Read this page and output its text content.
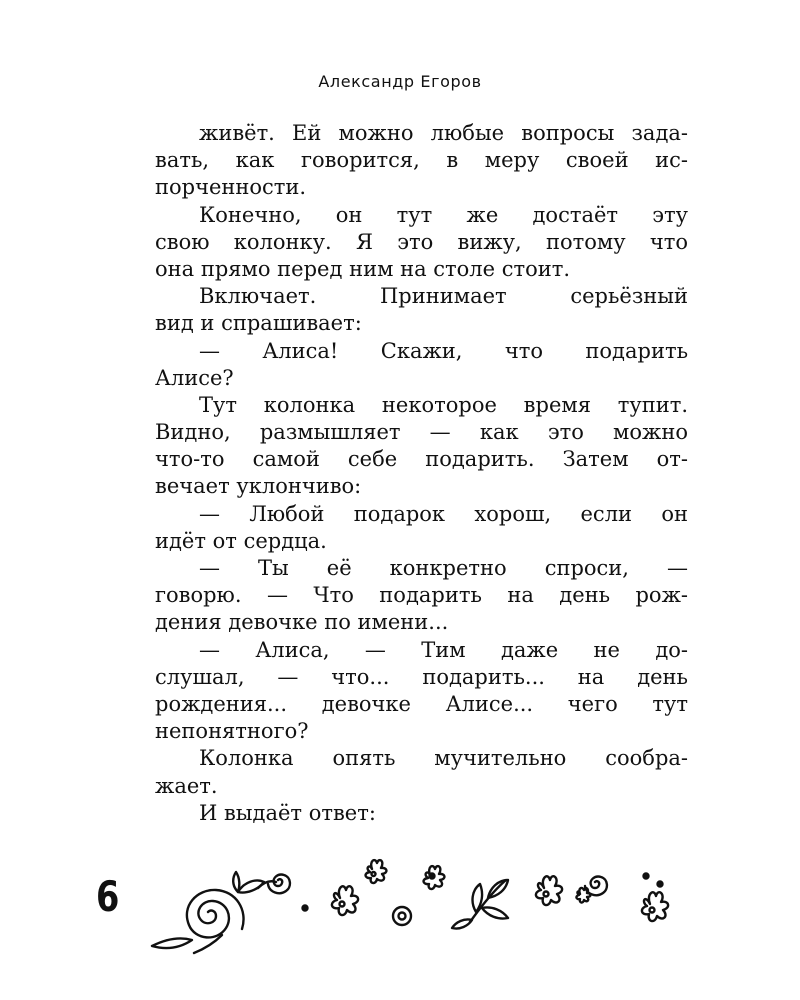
Александр Егоров
живёт. Ей можно любые вопросы зада-
вать, как говорится, в меру своей ис-
порченности.
Конечно, он тут же достаёт эту
свою колонку. Я это вижу, потому что
она прямо перед ним на столе стоит.
Включает. Принимает серьёзный
вид и спрашивает:
— Алиса! Скажи, что подарить
Алисе?
Тут колонка некоторое время тупит.
Видно, размышляет — как это можно
что-то самой себе подарить. Затем от-
вечает уклончиво:
— Любой подарок хорош, если он
идёт от сердца.
— Ты её конкретно спроси, —
говорю. — Что подарить на день рож-
дения девочке по имени...
— Алиса, — Тим даже не до-
слушал, — что... подарить... на день
рождения... девочке Алисе... чего тут
непонятного?
Колонка опять мучительно сообра-
жает.
И выдаёт ответ:
6
